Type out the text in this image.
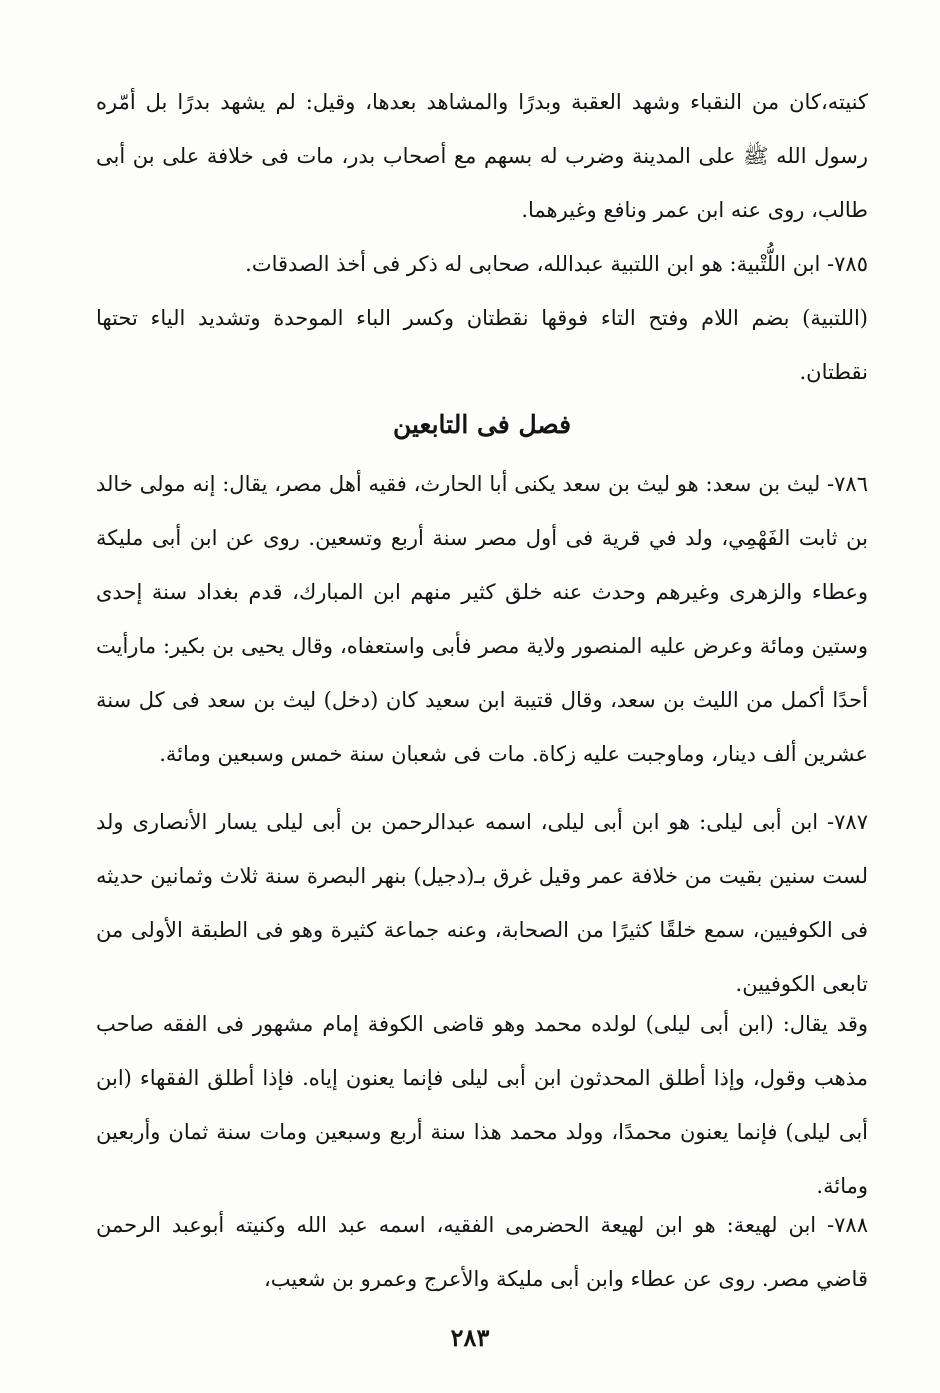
كنيته،كان من النقباء وشهد العقبة وبدرًا والمشاهد بعدها، وقيل: لم يشهد بدرًا بل أمّره رسول الله ﷺ على المدينة وضرب له بسهم مع أصحاب بدر، مات فى خلافة على بن أبى طالب، روى عنه ابن عمر ونافع وغيرهما.

٧٨٥- ابن اللُّتْبية: هو ابن اللتبية عبدالله، صحابى له ذكر فى أخذ الصدقات.

(اللتبية) بضم اللام وفتح التاء فوقها نقطتان وكسر الباء الموحدة وتشديد الياء تحتها نقطتان.

فصل فى التابعين

٧٨٦- ليث بن سعد: هو ليث بن سعد يكنى أبا الحارث، فقيه أهل مصر، يقال: إنه مولى خالد بن ثابت الفَهْمِي، ولد في قرية فى أول مصر سنة أربع وتسعين. روى عن ابن أبى مليكة وعطاء والزهرى وغيرهم وحدث عنه خلق كثير منهم ابن المبارك، قدم بغداد سنة إحدى وستين ومائة وعرض عليه المنصور ولاية مصر فأبى واستعفاه، وقال يحيى بن بكير: مارأيت أحدًا أكمل من الليث بن سعد، وقال قتيبة ابن سعيد كان (دخل) ليث بن سعد فى كل سنة عشرين ألف دينار، وماوجبت عليه زكاة. مات فى شعبان سنة خمس وسبعين ومائة.

٧٨٧- ابن أبى ليلى: هو ابن أبى ليلى، اسمه عبدالرحمن بن أبى ليلى يسار الأنصارى ولد لست سنين بقيت من خلافة عمر وقيل غرق بـ(دجيل) بنهر البصرة سنة ثلاث وثمانين حديثه فى الكوفيين، سمع خلقًا كثيرًا من الصحابة، وعنه جماعة كثيرة وهو فى الطبقة الأولى من تابعى الكوفيين.

وقد يقال: (ابن أبى ليلى) لولده محمد وهو قاضى الكوفة إمام مشهور فى الفقه صاحب مذهب وقول، وإذا أطلق المحدثون ابن أبى ليلى فإنما يعنون إياه. فإذا أطلق الفقهاء (ابن أبى ليلى) فإنما يعنون محمدًا، وولد محمد هذا سنة أربع وسبعين ومات سنة ثمان وأربعين ومائة.

٧٨٨- ابن لهيعة: هو ابن لهيعة الحضرمى الفقيه، اسمه عبد الله وكنيته أبوعبد الرحمن قاضي مصر. روى عن عطاء وابن أبى مليكة والأعرج وعمرو بن شعيب،

٢٨٣
